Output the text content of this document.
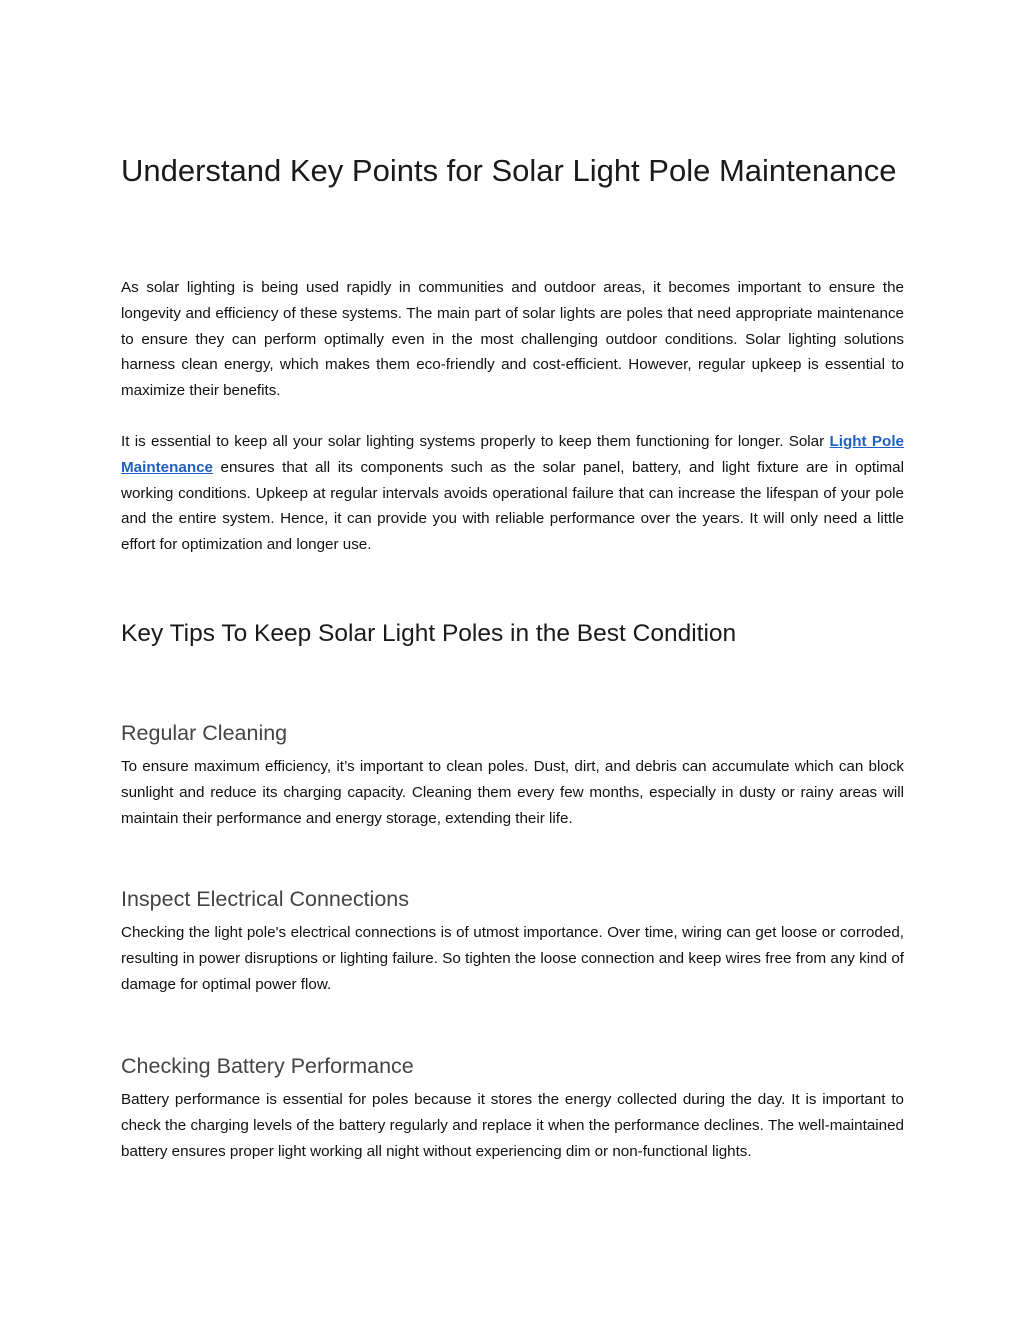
Understand Key Points for Solar Light Pole Maintenance

As solar lighting is being used rapidly in communities and outdoor areas, it becomes important to ensure the longevity and efficiency of these systems. The main part of solar lights are poles that need appropriate maintenance to ensure they can perform optimally even in the most challenging outdoor conditions. Solar lighting solutions harness clean energy, which makes them eco-friendly and cost-efficient. However, regular upkeep is essential to maximize their benefits.

It is essential to keep all your solar lighting systems properly to keep them functioning for longer. Solar Light Pole Maintenance ensures that all its components such as the solar panel, battery, and light fixture are in optimal working conditions. Upkeep at regular intervals avoids operational failure that can increase the lifespan of your pole and the entire system. Hence, it can provide you with reliable performance over the years. It will only need a little effort for optimization and longer use.

Key Tips To Keep Solar Light Poles in the Best Condition
Regular Cleaning

To ensure maximum efficiency, it’s important to clean poles. Dust, dirt, and debris can accumulate which can block sunlight and reduce its charging capacity. Cleaning them every few months, especially in dusty or rainy areas will maintain their performance and energy storage, extending their life.

Inspect Electrical Connections

Checking the light pole's electrical connections is of utmost importance. Over time, wiring can get loose or corroded, resulting in power disruptions or lighting failure. So tighten the loose connection and keep wires free from any kind of damage for optimal power flow.

Checking Battery Performance

Battery performance is essential for poles because it stores the energy collected during the day. It is important to check the charging levels of the battery regularly and replace it when the performance declines. The well-maintained battery ensures proper light working all night without experiencing dim or non-functional lights.
